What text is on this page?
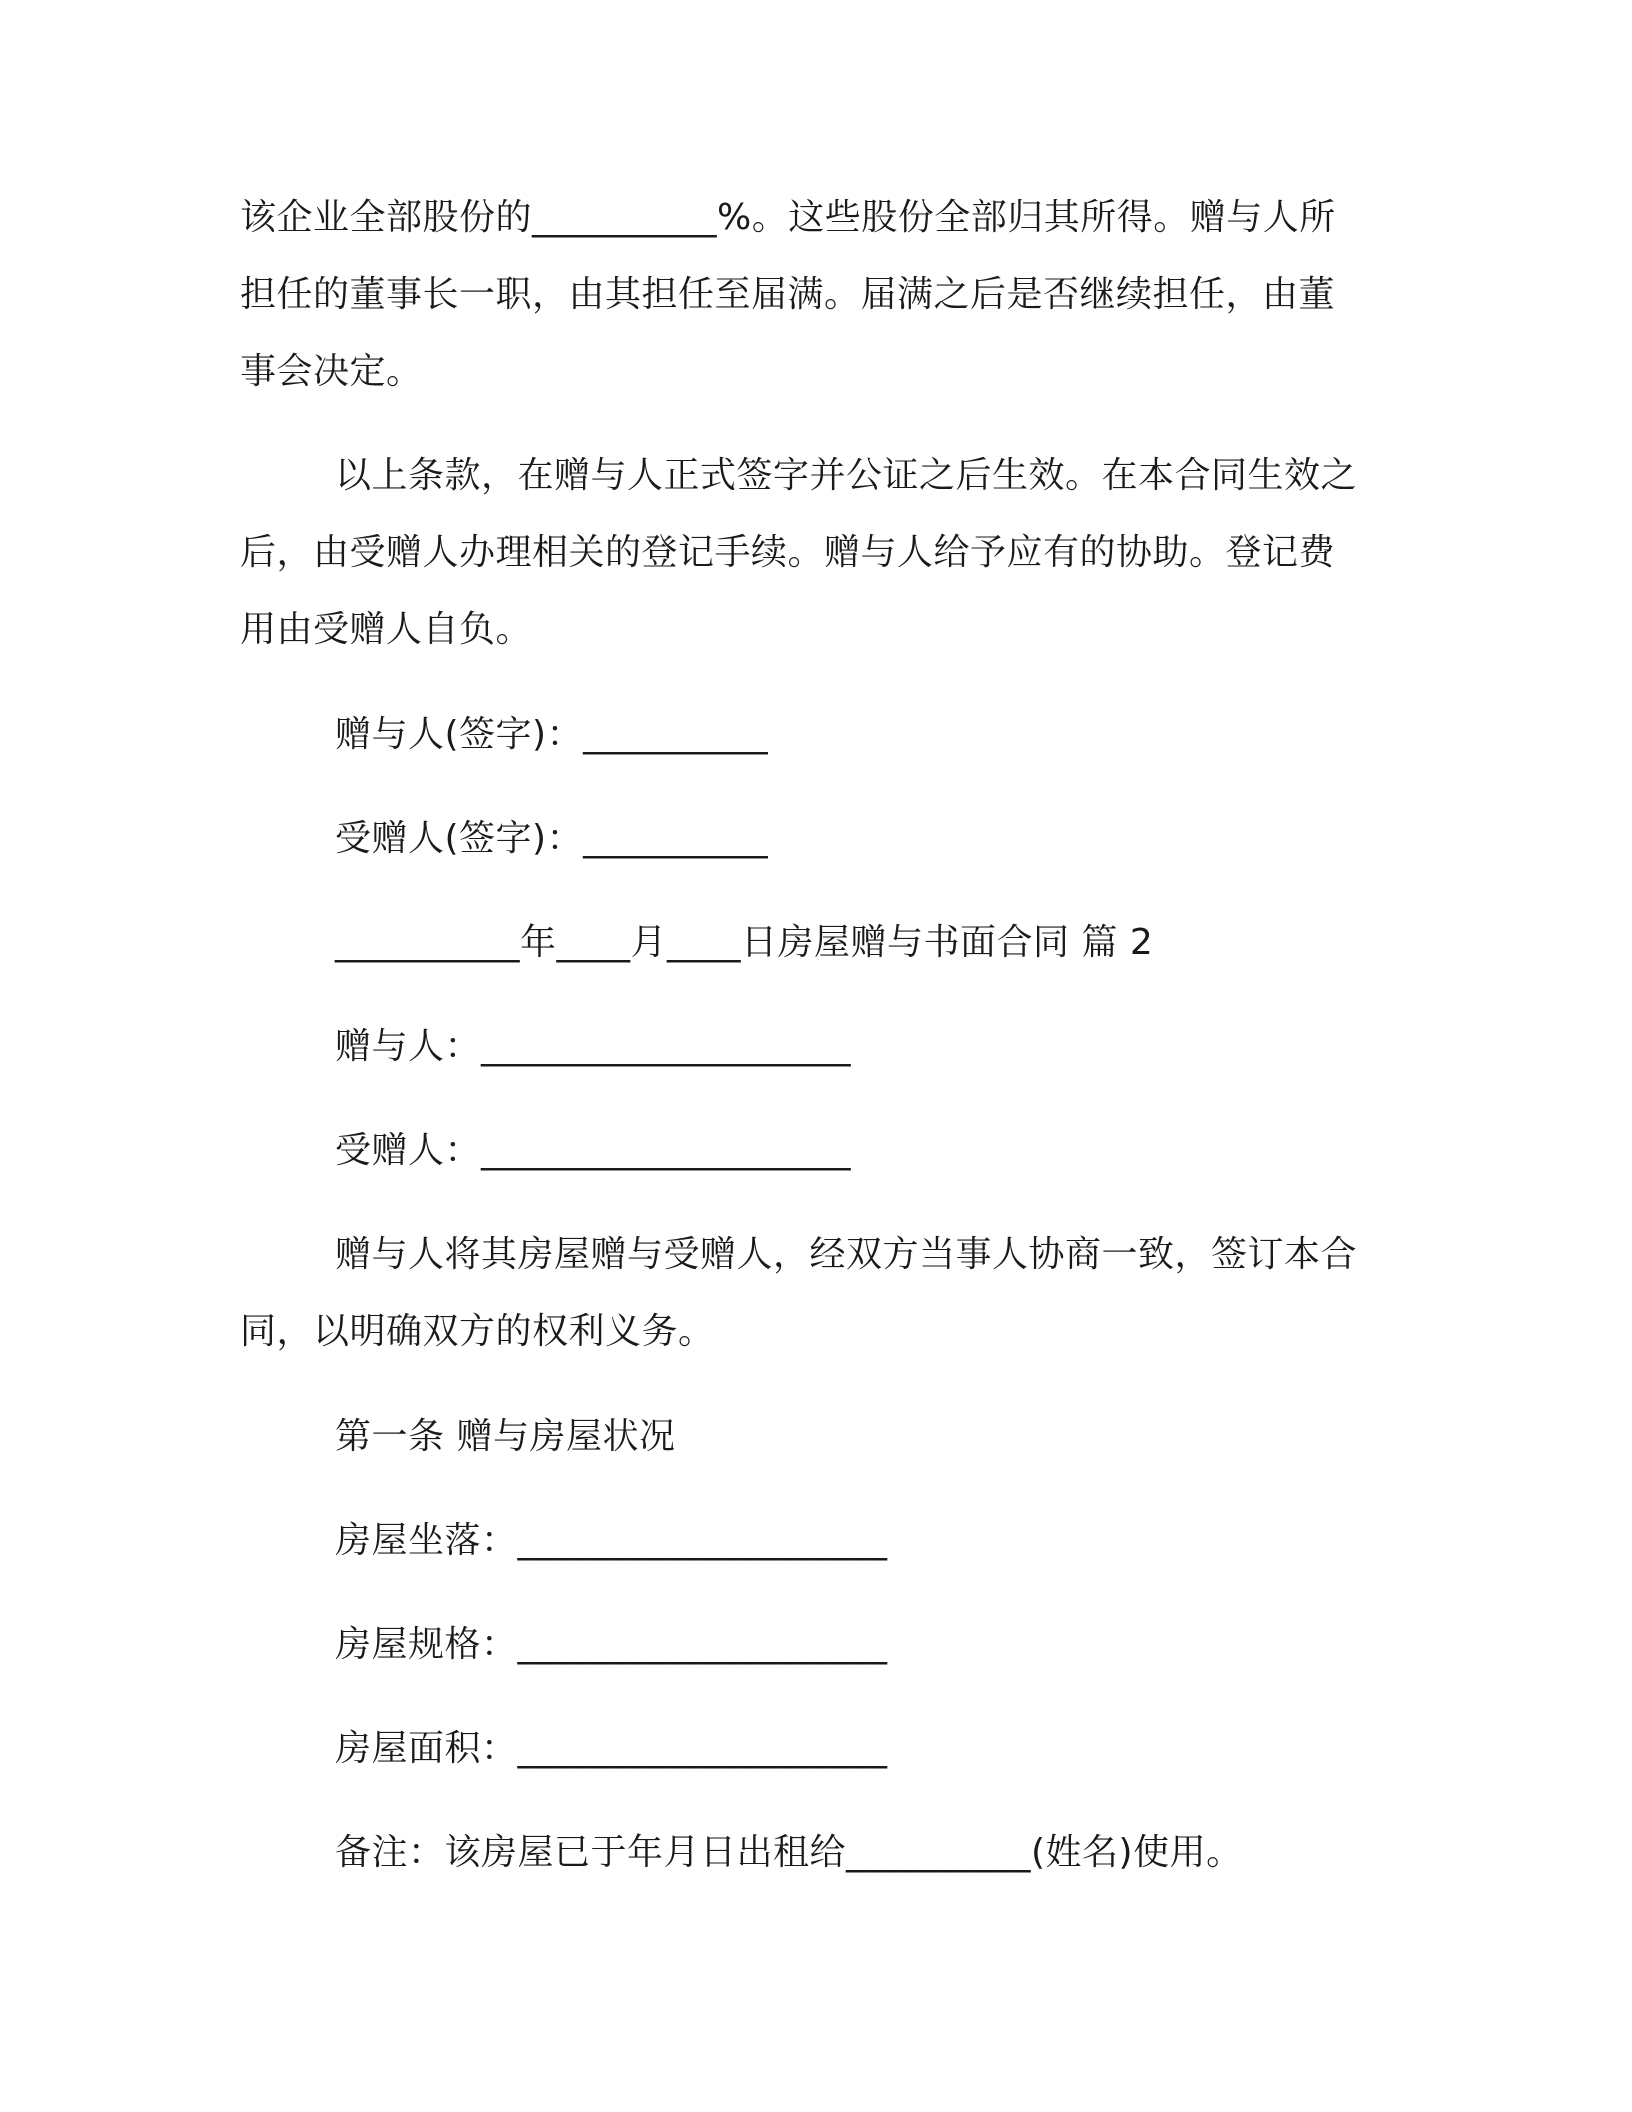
该企业全部股份的__________%。这些股份全部归其所得。赠与人所
担任的董事长一职，由其担任至届满。届满之后是否继续担任，由董
事会决定。
以上条款，在赠与人正式签字并公证之后生效。在本合同生效之
后，由受赠人办理相关的登记手续。赠与人给予应有的协助。登记费
用由受赠人自负。
赠与人(签字)：__________
受赠人(签字)：__________
__________年____月____日房屋赠与书面合同 篇 2
赠与人：____________________
受赠人：____________________
赠与人将其房屋赠与受赠人，经双方当事人协商一致，签订本合
同，以明确双方的权利义务。
第一条 赠与房屋状况
房屋坐落：____________________
房屋规格：____________________
房屋面积：____________________
备注：该房屋已于年月日出租给__________(姓名)使用。
